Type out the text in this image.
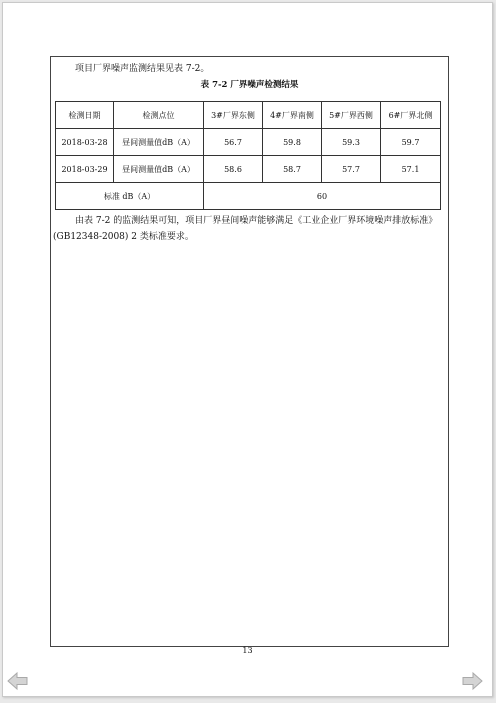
项目厂界噪声监测结果见表 7-2。
表 7-2 厂界噪声检测结果
检测日期	检测点位	3#厂界东侧	4#厂界南侧	5#厂界西侧	6#厂界北侧
2018-03-28	昼间测量值dB（A）	56.7	59.8	59.3	59.7
2018-03-29	昼间测量值dB（A）	58.6	58.7	57.7	57.1
标准 dB（A）		60			
由表 7-2 的监测结果可知，项目厂界昼间噪声能够满足《工业企业厂界环境噪声排放标准》(GB12348-2008) 2 类标准要求。
13
